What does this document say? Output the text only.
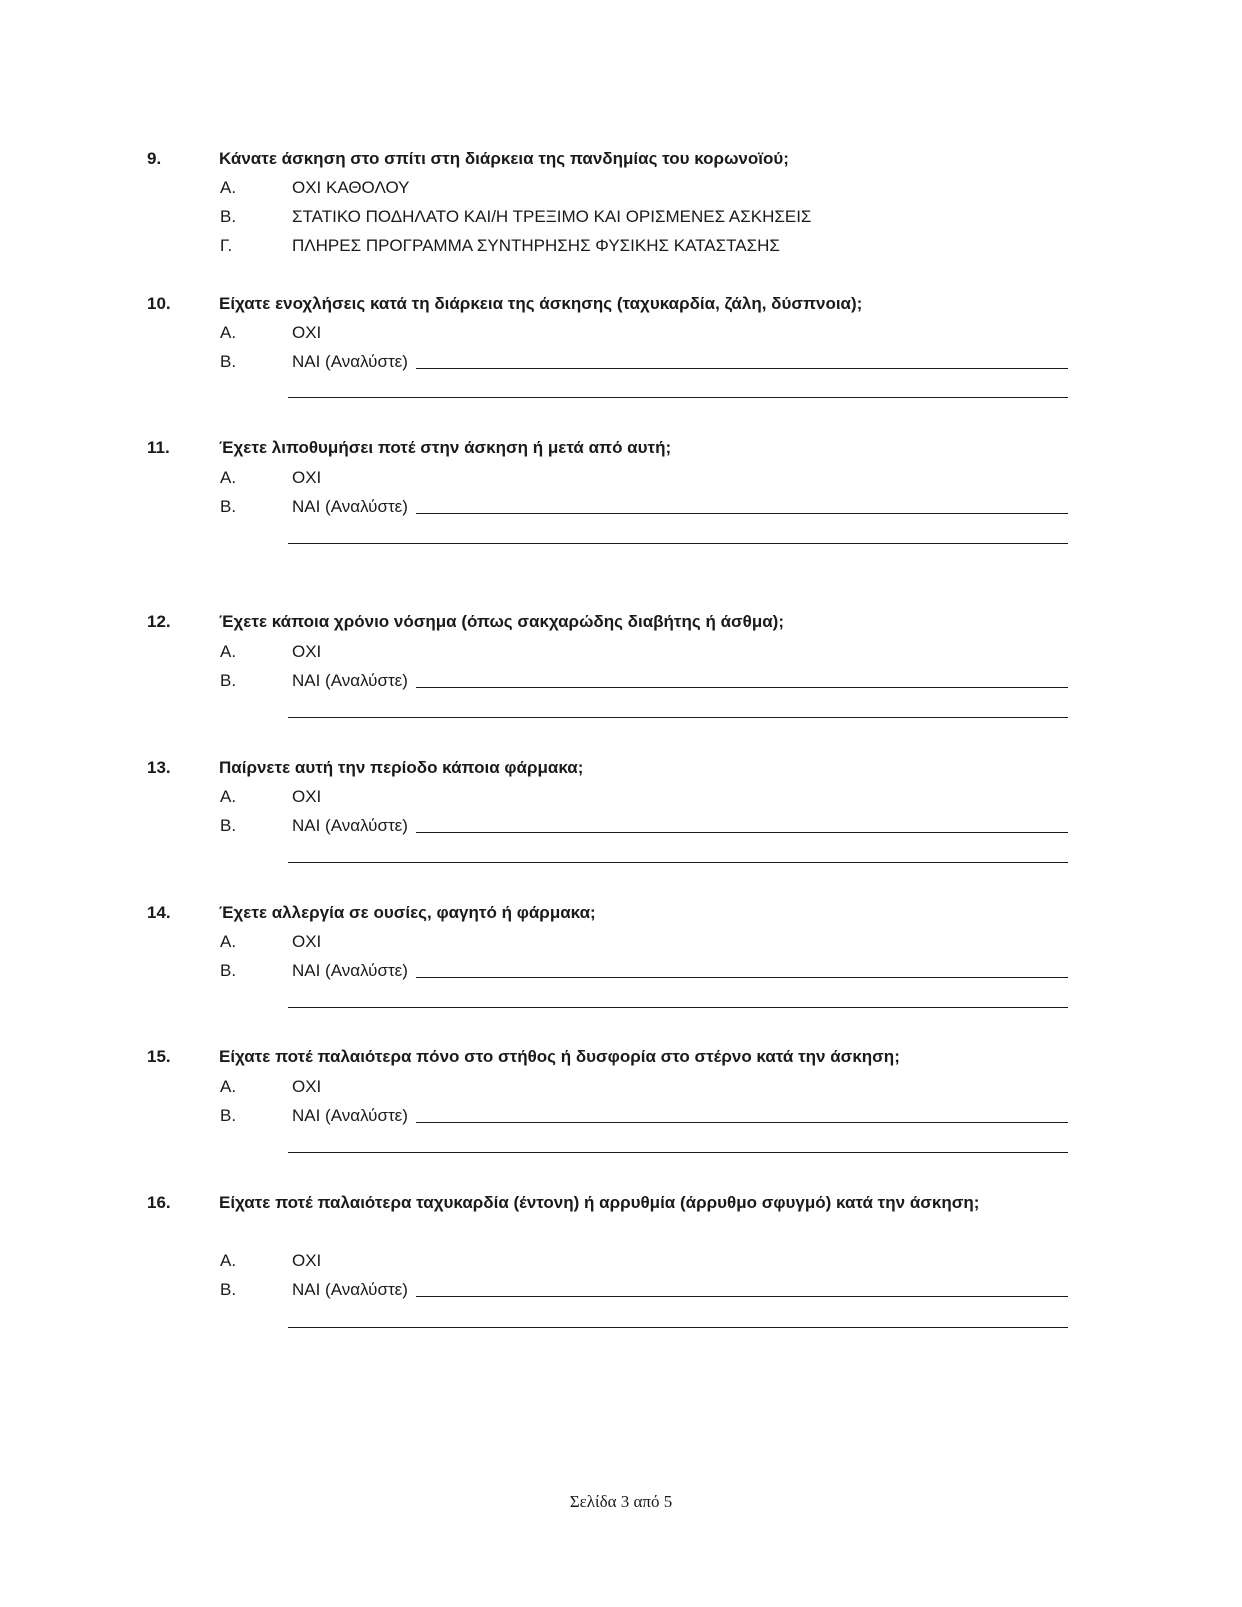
9.	Κάνατε άσκηση στο σπίτι στη διάρκεια της πανδημίας του κορωνοϊού;
Α.	ΟΧΙ ΚΑΘΟΛΟΥ
Β.	ΣΤΑΤΙΚΟ ΠΟΔΗΛΑΤΟ ΚΑΙ/Η ΤΡΕΞΙΜΟ ΚΑΙ ΟΡΙΣΜΕΝΕΣ ΑΣΚΗΣΕΙΣ
Γ.	ΠΛΗΡΕΣ ΠΡΟΓΡΑΜΜΑ ΣΥΝΤΗΡΗΣΗΣ ΦΥΣΙΚΗΣ ΚΑΤΑΣΤΑΣΗΣ
10.	Είχατε ενοχλήσεις κατά τη διάρκεια της άσκησης (ταχυκαρδία, ζάλη, δύσπνοια);
Α.	ΟΧΙ
Β.	ΝΑΙ (Αναλύστε)
11.	Έχετε λιποθυμήσει ποτέ στην άσκηση ή μετά από αυτή;
Α.	ΟΧΙ
Β.	ΝΑΙ (Αναλύστε)
12.	Έχετε κάποια χρόνιο νόσημα (όπως σακχαρώδης διαβήτης ή άσθμα);
Α.	ΟΧΙ
Β.	ΝΑΙ (Αναλύστε)
13.	Παίρνετε αυτή την περίοδο κάποια φάρμακα;
Α.	ΟΧΙ
Β.	ΝΑΙ (Αναλύστε)
14.	Έχετε αλλεργία σε ουσίες, φαγητό ή φάρμακα;
Α.	ΟΧΙ
Β.	ΝΑΙ (Αναλύστε)
15.	Είχατε ποτέ παλαιότερα πόνο στο στήθος ή δυσφορία στο στέρνο κατά την άσκηση;
Α.	ΟΧΙ
Β.	ΝΑΙ (Αναλύστε)
16.	Είχατε ποτέ παλαιότερα ταχυκαρδία (έντονη) ή αρρυθμία (άρρυθμο σφυγμό) κατά την άσκηση;
Α.	ΟΧΙ
Β.	ΝΑΙ (Αναλύστε)
Σελίδα 3 από 5
